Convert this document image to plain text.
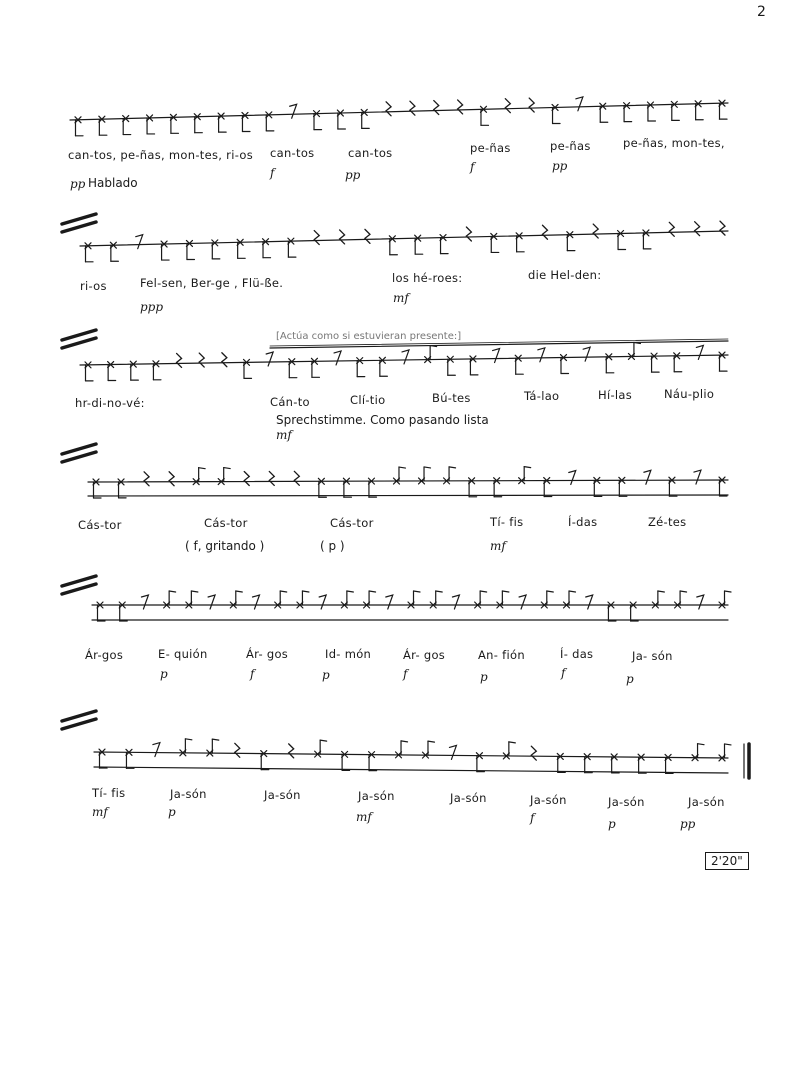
2
can-tos, pe-ñas, mon-tes, ri-os can-tos	can-tos	pe-ñas	pe-ñas	pe-ñas, mon-tes,
pp Hablado
f	pp
f	pp
ri-os	Fel-sen, Ber-ge , Flü-ße.	los hé-roes:	die Hel-den:
ppp
mf
[Actúa como si estuvieran presente:]
hr-di-no-vé:	Cán-to	Clí-tio	Bú-tes	Tá-lao	Hí-las	Náu-plio
Sprechstimme. Como pasando lista
mf
Cás-tor	Cás-tor	Cás-tor	Tí- fis	Í-das	Zé-tes
( f, gritando )	( p )	mf
Ár-gos	E- quión	Ár- gos	Id- món	Ár- gos	An- fión	Í- das	Ja- són
p	f	p	f	p	f	p
Tí- fis	Ja-són	Ja-són	Ja-són	Ja-són	Ja-són	Ja-són	Ja-són
mf	p	mf	f	p	pp
2'20"
